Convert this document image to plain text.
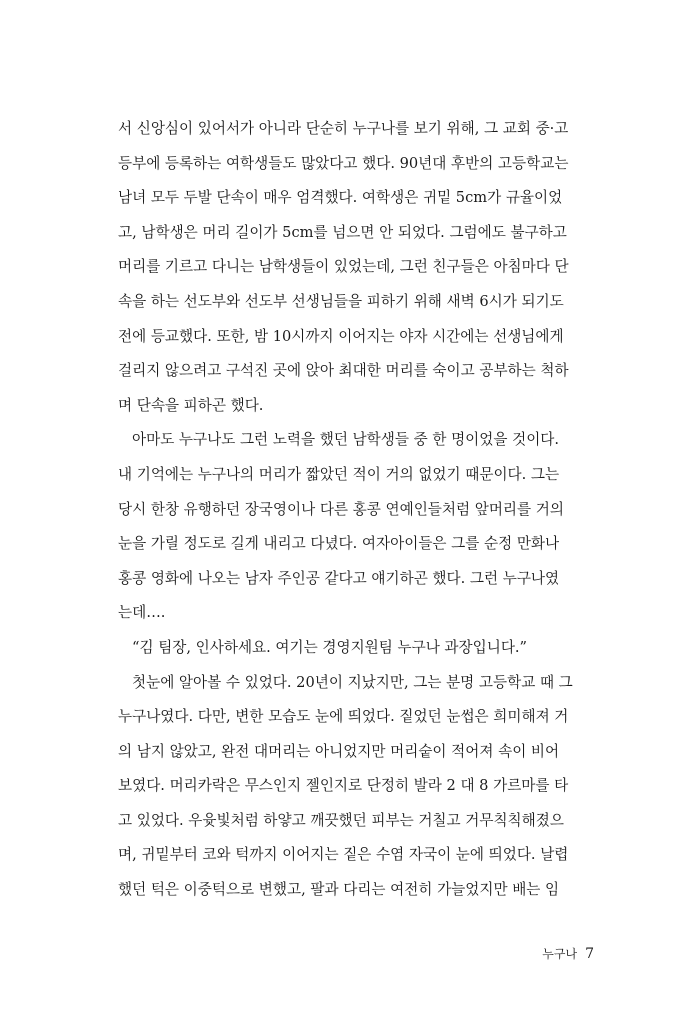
서 신앙심이 있어서가 아니라 단순히 누구나를 보기 위해, 그 교회 중·고
등부에 등록하는 여학생들도 많았다고 했다. 90년대 후반의 고등학교는
남녀 모두 두발 단속이 매우 엄격했다. 여학생은 귀밑 5cm가 규율이었
고, 남학생은 머리 길이가 5cm를 넘으면 안 되었다. 그럼에도 불구하고
머리를 기르고 다니는 남학생들이 있었는데, 그런 친구들은 아침마다 단
속을 하는 선도부와 선도부 선생님들을 피하기 위해 새벽 6시가 되기도
전에 등교했다. 또한, 밤 10시까지 이어지는 야자 시간에는 선생님에게
걸리지 않으려고 구석진 곳에 앉아 최대한 머리를 숙이고 공부하는 척하
며 단속을 피하곤 했다.
아마도 누구나도 그런 노력을 했던 남학생들 중 한 명이었을 것이다.
내 기억에는 누구나의 머리가 짧았던 적이 거의 없었기 때문이다. 그는
당시 한창 유행하던 장국영이나 다른 홍콩 연예인들처럼 앞머리를 거의
눈을 가릴 정도로 길게 내리고 다녔다. 여자아이들은 그를 순정 만화나
홍콩 영화에 나오는 남자 주인공 같다고 얘기하곤 했다. 그런 누구나였
는데….
“김 팀장, 인사하세요. 여기는 경영지원팀 누구나 과장입니다.”
첫눈에 알아볼 수 있었다. 20년이 지났지만, 그는 분명 고등학교 때 그
누구나였다. 다만, 변한 모습도 눈에 띄었다. 짙었던 눈썹은 희미해져 거
의 남지 않았고, 완전 대머리는 아니었지만 머리숱이 적어져 속이 비어
보였다. 머리카락은 무스인지 젤인지로 단정히 발라 2 대 8 가르마를 타
고 있었다. 우윳빛처럼 하얗고 깨끗했던 피부는 거칠고 거무칙칙해졌으
며, 귀밑부터 코와 턱까지 이어지는 짙은 수염 자국이 눈에 띄었다. 날렵
했던 턱은 이중턱으로 변했고, 팔과 다리는 여전히 가늘었지만 배는 임
누구나 7
